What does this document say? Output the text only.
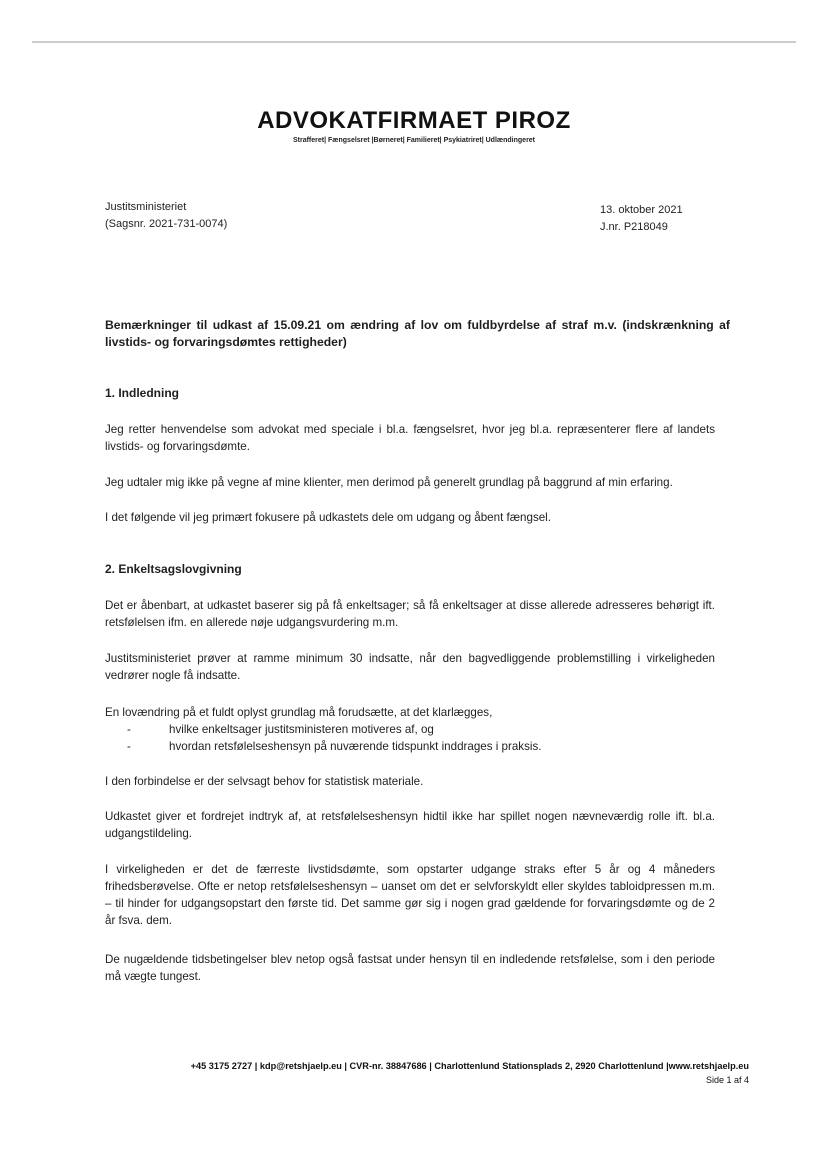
ADVOKATFIRMAET PIROZ
Strafferet| Fængselsret |Børneret| Familieret| Psykiatriret| Udlændingeret
Justitsministeriet
(Sagsnr. 2021-731-0074)
13. oktober 2021
J.nr. P218049
Bemærkninger til udkast af 15.09.21 om ændring af lov om fuldbyrdelse af straf m.v. (indskrænkning af livstids- og forvaringsdømtes rettigheder)
1. Indledning
Jeg retter henvendelse som advokat med speciale i bl.a. fængselsret, hvor jeg bl.a. repræsenterer flere af landets livstids- og forvaringsdømte.
Jeg udtaler mig ikke på vegne af mine klienter, men derimod på generelt grundlag på baggrund af min erfaring.
I det følgende vil jeg primært fokusere på udkastets dele om udgang og åbent fængsel.
2. Enkeltsagslovgivning
Det er åbenbart, at udkastet baserer sig på få enkeltsager; så få enkeltsager at disse allerede adresseres behørigt ift. retsfølelsen ifm. en allerede nøje udgangsvurdering m.m.
Justitsministeriet prøver at ramme minimum 30 indsatte, når den bagvedliggende problemstilling i virkeligheden vedrører nogle få indsatte.
En lovændring på et fuldt oplyst grundlag må forudsætte, at det klarlægges,
-	hvilke enkeltsager justitsministeren motiveres af, og
-	hvordan retsfølelseshensyn på nuværende tidspunkt inddrages i praksis.
I den forbindelse er der selvsagt behov for statistisk materiale.
Udkastet giver et fordrejet indtryk af, at retsfølelseshensyn hidtil ikke har spillet nogen nævneværdig rolle ift. bl.a. udgangstildeling.
I virkeligheden er det de færreste livstidsdømte, som opstarter udgange straks efter 5 år og 4 måneders frihedsberøvelse. Ofte er netop retsfølelseshensyn – uanset om det er selvforskyldt eller skyldes tabloidpressen m.m. – til hinder for udgangsopstart den første tid. Det samme gør sig i nogen grad gældende for forvaringsdømte og de 2 år fsva. dem.
De nugældende tidsbetingelser blev netop også fastsat under hensyn til en indledende retsfølelse, som i den periode må vægte tungest.
+45 3175 2727 | kdp@retshjaelp.eu | CVR-nr. 38847686 | Charlottenlund Stationsplads 2, 2920 Charlottenlund |www.retshjaelp.eu
Side 1 af 4
